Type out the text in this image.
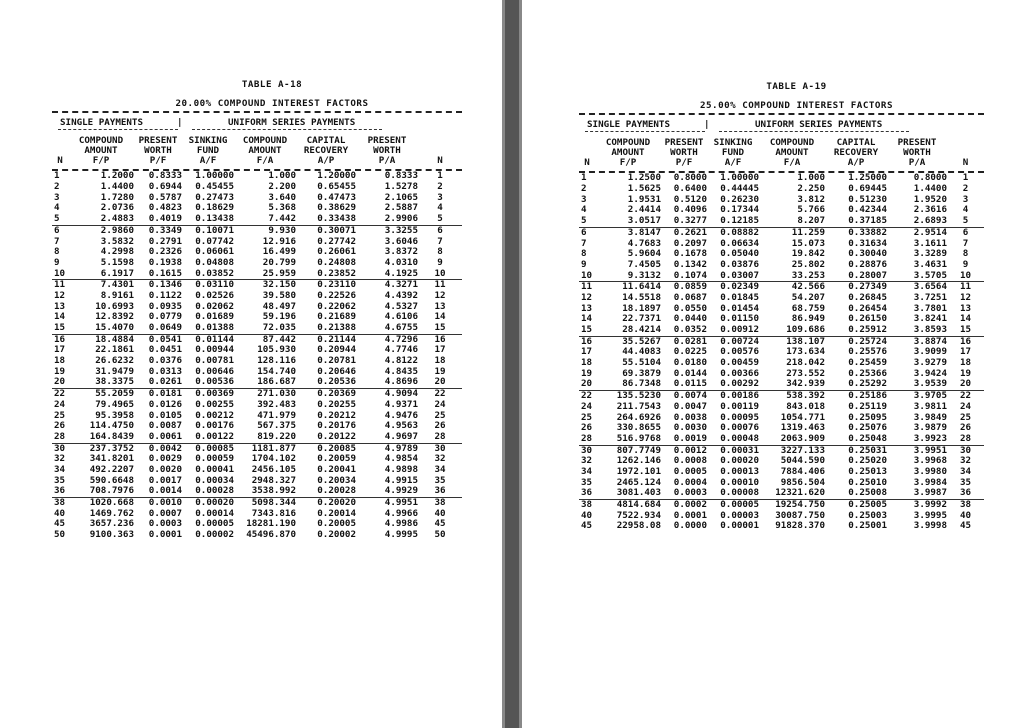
TABLE A-18
20.00% COMPOUND INTEREST FACTORS
SINGLE PAYMENTS	|	UNIFORM SERIES PAYMENTS

N
COMPOUND
AMOUNT
F/P
PRESENT
WORTH
P/F
SINKING
FUND
A/F
COMPOUND
AMOUNT
F/A
CAPITAL
RECOVERY
A/P
PRESENT
WORTH
P/A	

N
1	1.2000	0.8333	1.00000	1.000	1.20000	0.8333	1
2	1.4400	0.6944	0.45455	2.200	0.65455	1.5278	2
3	1.7280	0.5787	0.27473	3.640	0.47473	2.1065	3
4	2.0736	0.4823	0.18629	5.368	0.38629	2.5887	4
5	2.4883	0.4019	0.13438	7.442	0.33438	2.9906	5
6	2.9860	0.3349	0.10071	9.930	0.30071	3.3255	6
7	3.5832	0.2791	0.07742	12.916	0.27742	3.6046	7
8	4.2998	0.2326	0.06061	16.499	0.26061	3.8372	8
9	5.1598	0.1938	0.04808	20.799	0.24808	4.0310	9
10	6.1917	0.1615	0.03852	25.959	0.23852	4.1925	10
11	7.4301	0.1346	0.03110	32.150	0.23110	4.3271	11
12	8.9161	0.1122	0.02526	39.580	0.22526	4.4392	12
13	10.6993	0.0935	0.02062	48.497	0.22062	4.5327	13
14	12.8392	0.0779	0.01689	59.196	0.21689	4.6106	14
15	15.4070	0.0649	0.01388	72.035	0.21388	4.6755	15
16	18.4884	0.0541	0.01144	87.442	0.21144	4.7296	16
17	22.1861	0.0451	0.00944	105.930	0.20944	4.7746	17
18	26.6232	0.0376	0.00781	128.116	0.20781	4.8122	18
19	31.9479	0.0313	0.00646	154.740	0.20646	4.8435	19
20	38.3375	0.0261	0.00536	186.687	0.20536	4.8696	20
22	55.2059	0.0181	0.00369	271.030	0.20369	4.9094	22
24	79.4965	0.0126	0.00255	392.483	0.20255	4.9371	24
25	95.3958	0.0105	0.00212	471.979	0.20212	4.9476	25
26	114.4750	0.0087	0.00176	567.375	0.20176	4.9563	26
28	164.8439	0.0061	0.00122	819.220	0.20122	4.9697	28
30	237.3752	0.0042	0.00085	1181.877	0.20085	4.9789	30
32	341.8201	0.0029	0.00059	1704.102	0.20059	4.9854	32
34	492.2207	0.0020	0.00041	2456.105	0.20041	4.9898	34
35	590.6648	0.0017	0.00034	2948.327	0.20034	4.9915	35
36	708.7976	0.0014	0.00028	3538.992	0.20028	4.9929	36
38	1020.668	0.0010	0.00020	5098.344	0.20020	4.9951	38
40	1469.762	0.0007	0.00014	7343.816	0.20014	4.9966	40
45	3657.236	0.0003	0.00005	18281.190	0.20005	4.9986	45
50	9100.363	0.0001	0.00002	45496.870	0.20002	4.9995	50
TABLE A-19
25.00% COMPOUND INTEREST FACTORS
SINGLE PAYMENTS	|	UNIFORM SERIES PAYMENTS

N
COMPOUND
AMOUNT
F/P
PRESENT
WORTH
P/F
SINKING
FUND
A/F
COMPOUND
AMOUNT
F/A
CAPITAL
RECOVERY
A/P
PRESENT
WORTH
P/A	

N
1	1.2500	0.8000	1.00000	1.000	1.25000	0.8000	1
2	1.5625	0.6400	0.44445	2.250	0.69445	1.4400	2
3	1.9531	0.5120	0.26230	3.812	0.51230	1.9520	3
4	2.4414	0.4096	0.17344	5.766	0.42344	2.3616	4
5	3.0517	0.3277	0.12185	8.207	0.37185	2.6893	5
6	3.8147	0.2621	0.08882	11.259	0.33882	2.9514	6
7	4.7683	0.2097	0.06634	15.073	0.31634	3.1611	7
8	5.9604	0.1678	0.05040	19.842	0.30040	3.3289	8
9	7.4505	0.1342	0.03876	25.802	0.28876	3.4631	9
10	9.3132	0.1074	0.03007	33.253	0.28007	3.5705	10
11	11.6414	0.0859	0.02349	42.566	0.27349	3.6564	11
12	14.5518	0.0687	0.01845	54.207	0.26845	3.7251	12
13	18.1897	0.0550	0.01454	68.759	0.26454	3.7801	13
14	22.7371	0.0440	0.01150	86.949	0.26150	3.8241	14
15	28.4214	0.0352	0.00912	109.686	0.25912	3.8593	15
16	35.5267	0.0281	0.00724	138.107	0.25724	3.8874	16
17	44.4083	0.0225	0.00576	173.634	0.25576	3.9099	17
18	55.5104	0.0180	0.00459	218.042	0.25459	3.9279	18
19	69.3879	0.0144	0.00366	273.552	0.25366	3.9424	19
20	86.7348	0.0115	0.00292	342.939	0.25292	3.9539	20
22	135.5230	0.0074	0.00186	538.392	0.25186	3.9705	22
24	211.7543	0.0047	0.00119	843.018	0.25119	3.9811	24
25	264.6926	0.0038	0.00095	1054.771	0.25095	3.9849	25
26	330.8655	0.0030	0.00076	1319.463	0.25076	3.9879	26
28	516.9768	0.0019	0.00048	2063.909	0.25048	3.9923	28
30	807.7749	0.0012	0.00031	3227.133	0.25031	3.9951	30
32	1262.146	0.0008	0.00020	5044.590	0.25020	3.9968	32
34	1972.101	0.0005	0.00013	7884.406	0.25013	3.9980	34
35	2465.124	0.0004	0.00010	9856.504	0.25010	3.9984	35
36	3081.403	0.0003	0.00008	12321.620	0.25008	3.9987	36
38	4814.684	0.0002	0.00005	19254.750	0.25005	3.9992	38
40	7522.934	0.0001	0.00003	30087.750	0.25003	3.9995	40
45	22958.08	0.0000	0.00001	91828.370	0.25001	3.9998	45
